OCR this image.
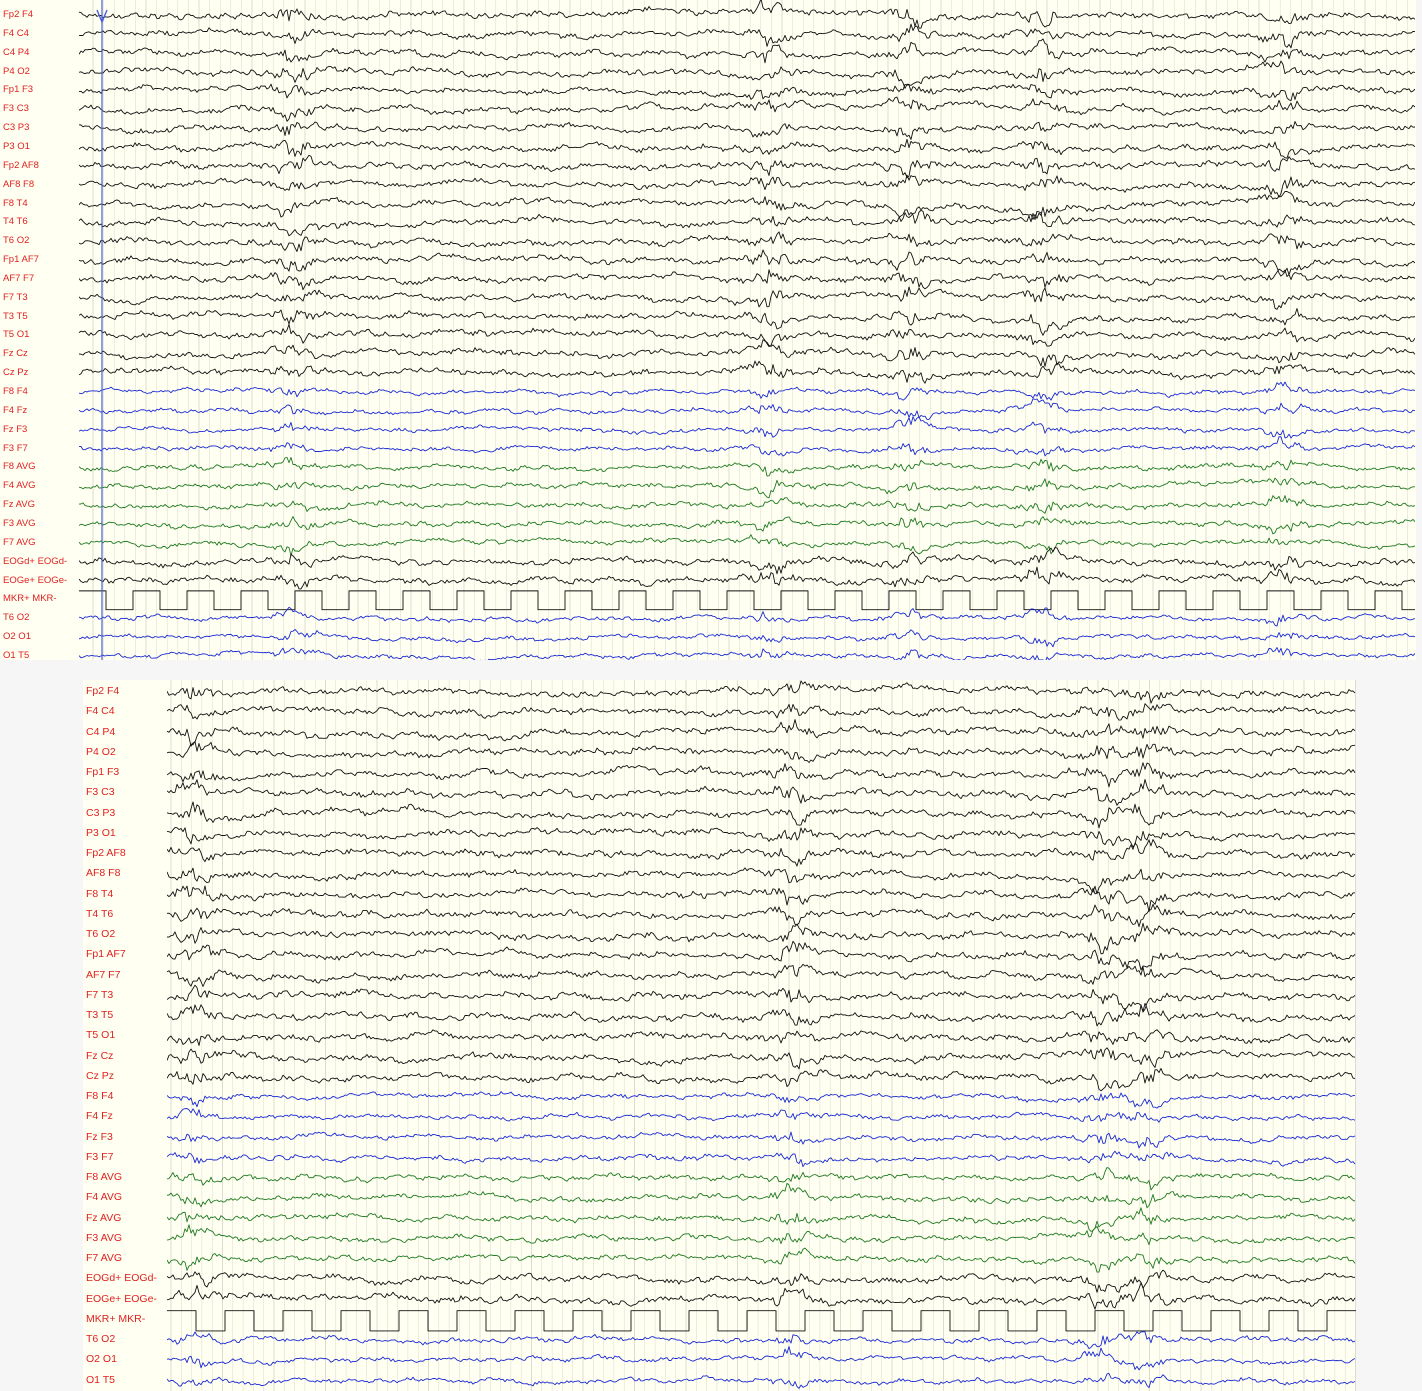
Fp2 F4
F4 C4
C4 P4
P4 O2
Fp1 F3
F3 C3
C3 P3
P3 O1
Fp2 AF8
AF8 F8
F8 T4
T4 T6
T6 O2
Fp1 AF7
AF7 F7
F7 T3
T3 T5
T5 O1
Fz Cz
Cz Pz
F8 F4
F4 Fz
Fz F3
F3 F7
F8 AVG
F4 AVG
Fz AVG
F3 AVG
F7 AVG
EOGd+ EOGd-
EOGe+ EOGe-
MKR+ MKR-
T6 O2
O2 O1
O1 T5
Fp2 F4
F4 C4
C4 P4
P4 O2
Fp1 F3
F3 C3
C3 P3
P3 O1
Fp2 AF8
AF8 F8
F8 T4
T4 T6
T6 O2
Fp1 AF7
AF7 F7
F7 T3
T3 T5
T5 O1
Fz Cz
Cz Pz
F8 F4
F4 Fz
Fz F3
F3 F7
F8 AVG
F4 AVG
Fz AVG
F3 AVG
F7 AVG
EOGd+ EOGd-
EOGe+ EOGe-
MKR+ MKR-
T6 O2
O2 O1
O1 T5
